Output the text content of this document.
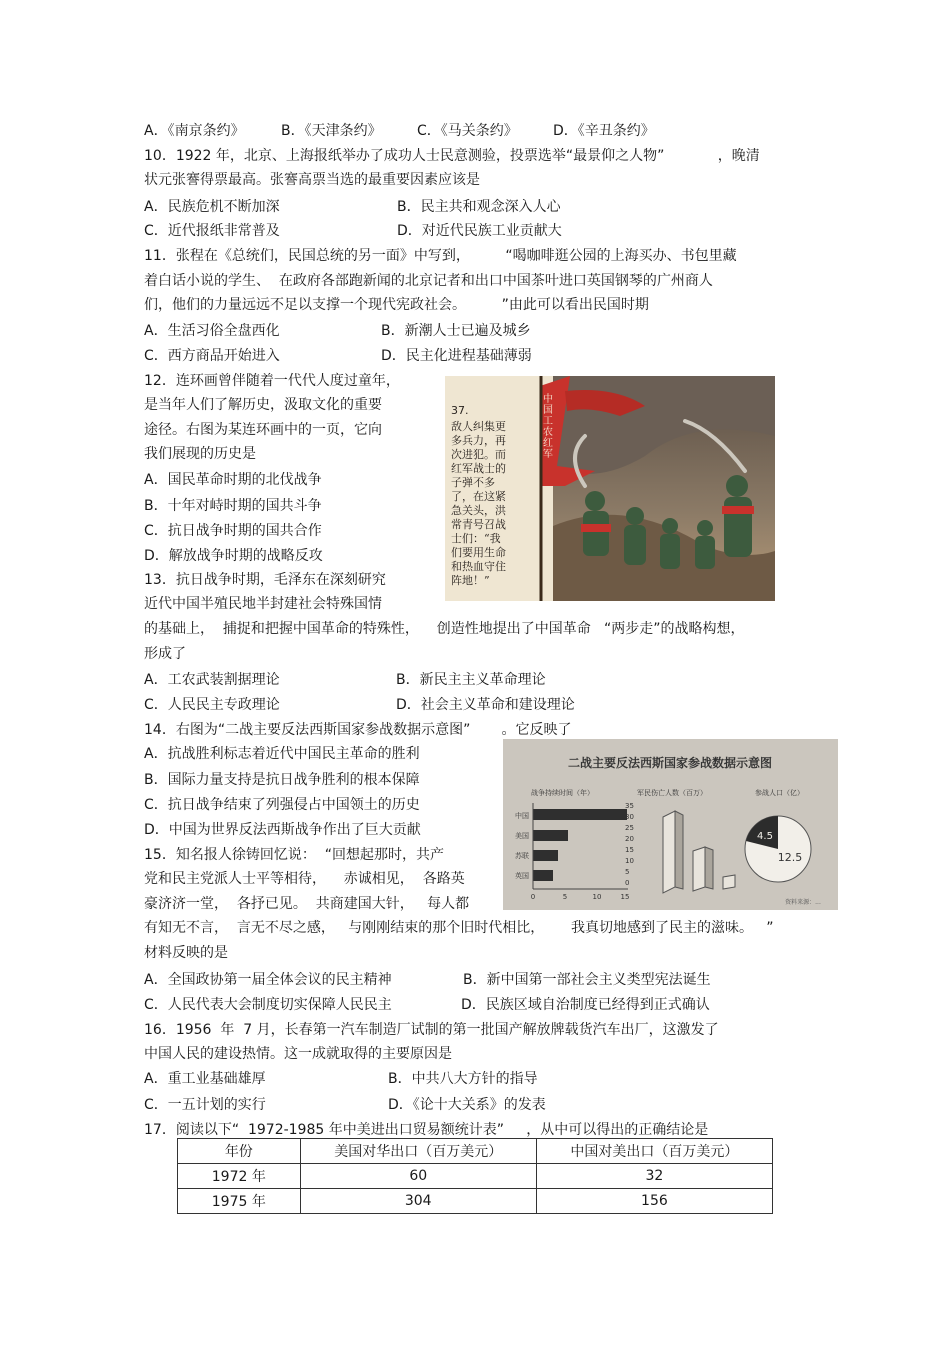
A．《南京条约》	B．《天津条约》	C．《马关条约》	D．《辛丑条约》
10．1922 年，北京、上海报纸举办了成功人士民意测验，投票选举“最景仰之人物”            ，晚清
状元张謇得票最高。张謇高票当选的最重要因素应该是
A．民族危机不断加深	B．民主共和观念深入人心
C．近代报纸非常普及	D．对近代民族工业贡献大
11．张程在《总统们，民国总统的另一面》中写到，        “喝咖啡逛公园的上海买办、书包里藏
着白话小说的学生、  在政府各部跑新闻的北京记者和出口中国茶叶进口英国钢琴的广州商人
们，他们的力量远远不足以支撑一个现代宪政社会。        ”由此可以看出民国时期
A．生活习俗全盘西化	B．新潮人士已遍及城乡
C．西方商品开始进入	D．民主化进程基础薄弱
12．连环画曾伴随着一代代人度过童年，
是当年人们了解历史，汲取文化的重要
途径。右图为某连环画中的一页，它向
我们展现的历史是
A．国民革命时期的北伐战争
B．十年对峙时期的国共斗争
C．抗日战争时期的国共合作
D．解放战争时期的战略反攻
37.
敌人纠集更多兵力，再次进犯。而红军战士的子弹不多了，在这紧急关头，洪常青号召战士们：“我们要用生命和热血守住阵地！”
中国工农红军
13．抗日战争时期，毛泽东在深刻研究
近代中国半殖民地半封建社会特殊国情
的基础上，  捕捉和把握中国革命的特殊性，    创造性地提出了中国革命   “两步走”的战略构想，
形成了
A．工农武装割据理论	B．新民主主义革命理论
C．人民民主专政理论	D．社会主义革命和建设理论
14．右图为“二战主要反法西斯国家参战数据示意图”       。它反映了
A．抗战胜利标志着近代中国民主革命的胜利
B．国际力量支持是抗日战争胜利的根本保障
C．抗日战争结束了列强侵占中国领土的历史
D．中国为世界反法西斯战争作出了巨大贡献
二战主要反法西斯国家参战数据示意图
战争持续时间（年）	军民伤亡人数（百万）	参战人口（亿）
中国
美国
苏联
英国
0	5	10	15
35
30
25
20
15
10
5
0
4.5
12.5
资料来源：...
15．知名报人徐铸回忆说：  “回想起那时，共产
党和民主党派人士平等相待，    赤诚相见，  各路英
豪济济一堂，  各抒已见。  共商建国大针，   每人都
有知无不言，  言无不尽之感，   与刚刚结束的那个旧时代相比，      我真切地感到了民主的滋味。   ”
材料反映的是
A．全国政协第一届全体会议的民主精神	B．新中国第一部社会主义类型宪法诞生
C．人民代表大会制度切实保障人民民主	D．民族区域自治制度已经得到正式确认
16．1956  年  7 月，长春第一汽车制造厂试制的第一批国产解放牌载货汽车出厂，这激发了
中国人民的建设热情。这一成就取得的主要原因是
A．重工业基础雄厚	B．中共八大方针的指导
C．一五计划的实行	D．《论十大关系》的发表
17．阅读以下“  1972-1985 年中美进出口贸易额统计表”     ，从中可以得出的正确结论是
年份	美国对华出口（百万美元）	中国对美出口（百万美元）
1972 年	60	32
1975 年	304	156
